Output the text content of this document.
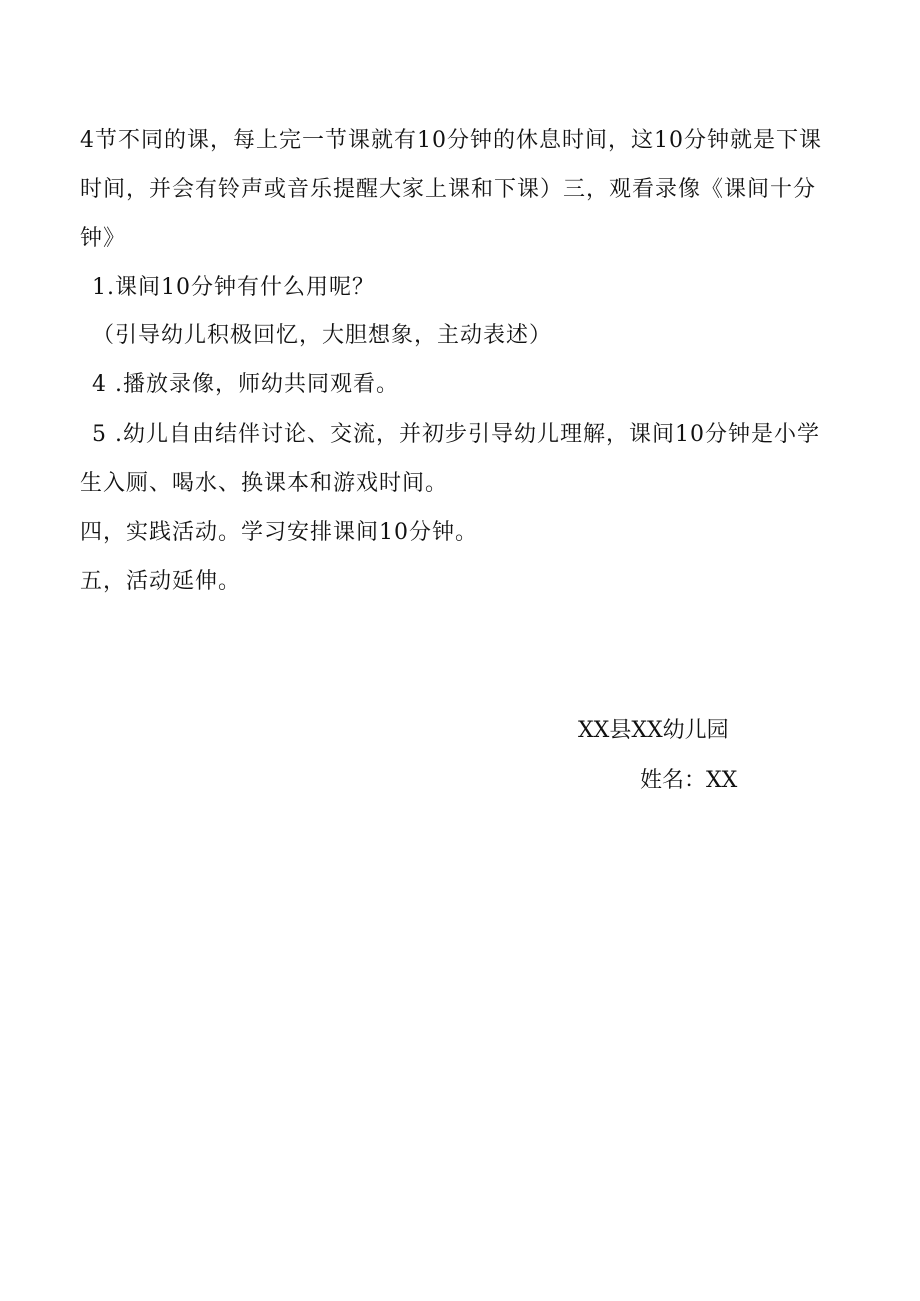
4节不同的课，每上完一节课就有10分钟的休息时间，这10分钟就是下课
时间，并会有铃声或音乐提醒大家上课和下课）三，观看录像《课间十分
钟》
1.课间10分钟有什么用呢？
（引导幼儿积极回忆，大胆想象，主动表述）
4 .播放录像，师幼共同观看。
5 .幼儿自由结伴讨论、交流，并初步引导幼儿理解，课间10分钟是小学
生入厕、喝水、换课本和游戏时间。
四，实践活动。学习安排课间10分钟。
五，活动延伸。
XX县XX幼儿园
姓名：XX
